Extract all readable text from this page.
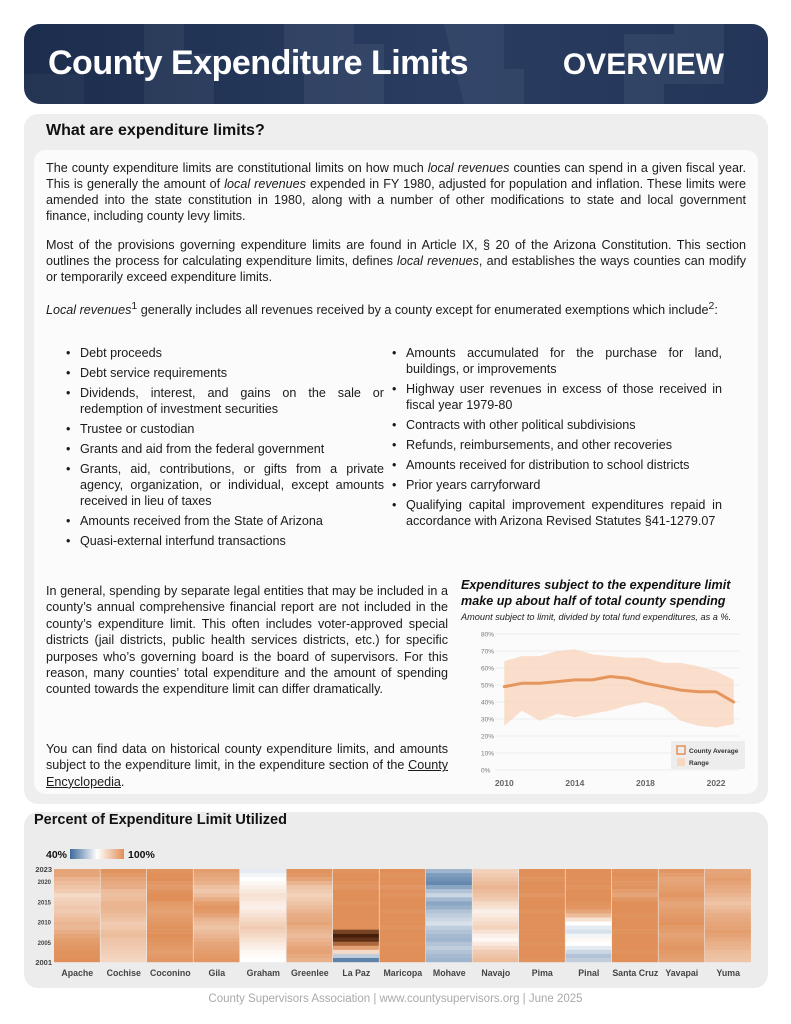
County Expenditure Limits	OVERVIEW
What are expenditure limits?
The county expenditure limits are constitutional limits on how much local revenues counties can spend in a given fiscal year. This is generally the amount of local revenues expended in FY 1980, adjusted for population and inflation. These limits were amended into the state constitution in 1980, along with a number of other modifications to state and local government finance, including county levy limits.
Most of the provisions governing expenditure limits are found in Article IX, § 20 of the Arizona Constitution. This section outlines the process for calculating expenditure limits, defines local revenues, and establishes the ways counties can modify or temporarily exceed expenditure limits.
Local revenues$^1$ generally includes all revenues received by a county except for enumerated exemptions which include$^2$:
• Debt proceeds
• Debt service requirements
• Dividends, interest, and gains on the sale or redemption of investment securities
• Trustee or custodian
• Grants and aid from the federal government
• Grants, aid, contributions, or gifts from a private agency, organization, or individual, except amounts received in lieu of taxes
• Amounts received from the State of Arizona
• Quasi-external interfund transactions
• Amounts accumulated for the purchase for land, buildings, or improvements
• Highway user revenues in excess of those received in fiscal year 1979-80
• Contracts with other political subdivisions
• Refunds, reimbursements, and other recoveries
• Amounts received for distribution to school districts
• Prior years carryforward
• Qualifying capital improvement expenditures repaid in accordance with Arizona Revised Statutes §41-1279.07
In general, spending by separate legal entities that may be included in a county’s annual comprehensive financial report are not included in the county’s expenditure limit. This often includes voter-approved special districts (jail districts, public health services districts, etc.) for specific purposes who’s governing board is the board of supervisors. For this reason, many counties’ total expenditure and the amount of spending counted towards the expenditure limit can differ dramatically.
You can find data on historical county expenditure limits, and amounts subject to the expenditure limit, in the expenditure section of the County Encyclopedia.
Expenditures subject to the expenditure limit make up about half of total county spending
Amount subject to limit, divided by total fund expenditures, as a %.
0%
10%
20%
30%
40%
50%
60%
70%
80%
2010	2014	2018	2022
County Average
Range
Percent of Expenditure Limit Utilized
40%	100%
Apache Cochise Coconino Gila Graham Greenlee La Paz Maricopa Mohave Navajo Pima	Pinal Santa Cruz Yavapai Yuma
2023
2020
2015
2010
2005
2001
County Supervisors Association | www.countysupervisors.org | June 2025
